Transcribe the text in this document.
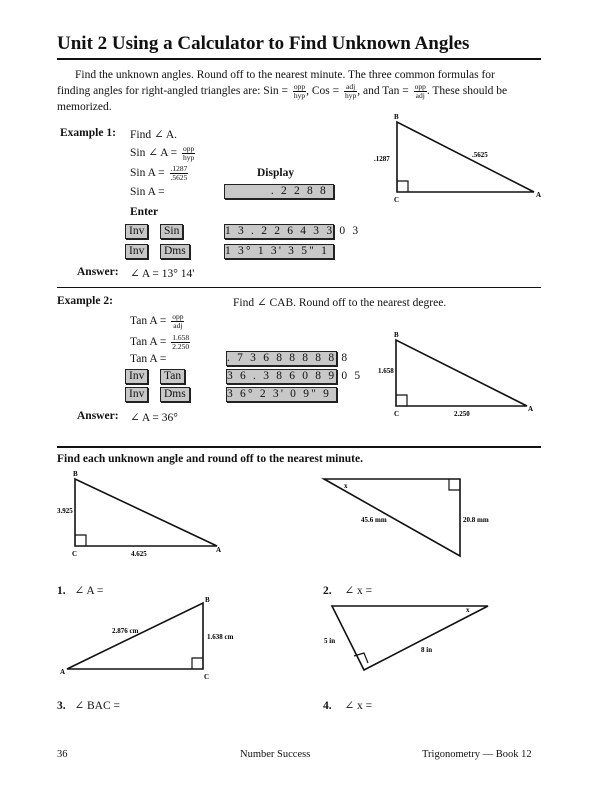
Unit 2 Using a Calculator to Find Unknown Angles
Find the unknown angles. Round off to the nearest minute. The three common formulas for
finding angles for right-angled triangles are: Sin = $\frac{\text{opp}}{\text{hyp}}$ , Cos = $\frac{\text{adj}}{\text{hyp}}$ , and Tan = $\frac{\text{opp}}{\text{adj}}$ . These should be
memorized.
Example 1: Find ∠ A.
Sin ∠ $A = \frac{\text{opp}}{\text{hyp}}$
Sin $A = \frac{.1287}{.5625}$	Display
Sin A =	. 2 2 8 8
Enter
Inv	Sin	1 3 . 2 2 6 4 3 3 0 3
Inv	Dms	1 3° 1 3' 3 5" 1
Answer: ∠ A = 13° 14'
B
C
A
.1287	.5625
Example 2:	Find ∠ CAB. Round off to the nearest degree.
Tan $A = \frac{\text{opp}}{\text{adj}}$
Tan $A = \frac{1.658}{2.250}$
Tan A =	. 7 3 6 8 8 8 8 8 8
Inv	Tan	3 6 . 3 8 6 0 8 9 0 5
Inv	Dms	3 6° 2 3' 0 9" 9
Answer: ∠ A = 36°
B
C
A
1.658
2.250
Find each unknown angle and round off to the nearest minute.
B
C	A
3.925
4.625
x
45.6 mm	20.8 mm
1. ∠ A =	2. ∠ x =
B
C
A
2.876 cm
1.638 cm
x
5 in
8 in
3. ∠ BAC =	4. ∠ x =
36	Number Success	Trigonometry — Book 12
